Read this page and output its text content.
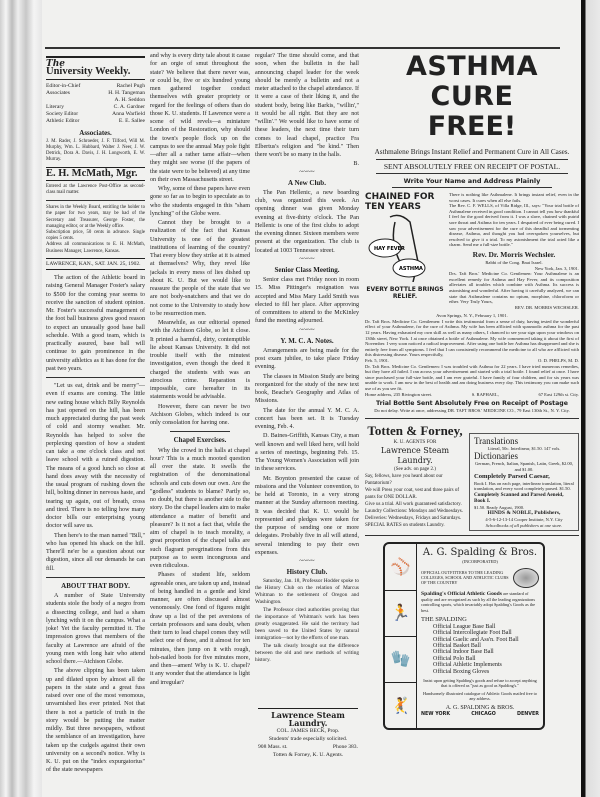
The
University Weekly.
Editor-in-Chief	Rachel Pugh
Associates	H. H. Tangeman
A. H. Seddon
Literary	C. A. Gardner
Society Editor	Anna Warfield
Athletic Editor	E. E. Sallee
Associates.
J. M. Rader, J. Schroeder, J. F. Tilford, Will M. Murphy, Wm. L. Hubbard, Walter J. Neer, J. W. Detrick, Dora A. Davis, J. H. Longworth, E. W. Murray.
E. H. McMath, Mgr.
Entered at the Lawrence Post-Office as second-class mail matter.
Shares in the Weekly Board, entitling the holder to the paper for two years, may be had of the Secretary and Treasurer, George Foster, the managing editor, or at the Weekly office.
Subscription price, 50 cents in advance. Single copies 5 cents.
Address all communications to E. H. McMath, Business Manager, Lawrence, Kansas.
LAWRENCE, KAN., SAT. JAN. 25, 1902.

The action of the Athletic board in raising General Manager Foster's salary to $500 for the coming year seems to receive the sanction of student opinion. Mr. Foster's successful management of the foot ball business gives good reason to expect an unusually good base ball schedule. With a good team, which is practically assured, base ball will continue to gain prominence in the university athletics as it has done for the past two years.

"Let us eat, drink and be merry"—even if exams are coming. The little new eating house which Billy Reynolds has just opened on the hill, has been much appreciated during the past week of cold and stormy weather. Mr. Reynolds has helped to solve the perplexing question of how a student can take a one o'clock class and not leave school with a ruined digestion. The means of a good lunch so close at hand does away with the necessity of the usual program of rushing down the hill, bolting dinner in nervous haste, and tearing up again, out of breath, cross and tired. There is no telling how many doctor bills our enterprising young doctor will save us.

Then here's to the man named "Bill," who has opened his shack on the hill. There'll ne'er be a question about our digestion, since all our demands he can fill.

ABOUT THAT BODY.

A number of State University students stole the body of a negro from a dissecting college, and had a sham lynching with it on the campus. What a joke! Yet the faculty permitted it. The impression grows that members of the faculty at Lawrence are afraid of the young men with long hair who attend school there.—Atchison Globe.

The above clipping has been taken up and dilated upon by almost all the papers in the state and a great fuss raised over one of the most venomous, unvarnished lies ever printed. Not that there is not a particle of truth in the story would be putting the matter mildly. But three newspapers, without the semblance of an investigation, have taken up the cudgels against their own university on a second's notice. Why is K. U. put on the "index expurgatorius" of the state newspapers

and why is every dirty tale about it cause for an orgie of smut throughout the state? We believe that there never was, or could be, five or six hundred young men gathered together conduct themselves with greater propriety or regard for the feelings of others than do those K. U. students. If Lawrence were a scene of wild revels—a miniature London of the Restoration, why should the town's people flock up on the campus to see the annual May pole fight—after all a rather tame affair—when they might see worse (if the papers of the state were to be believed) at any time on their own Massachusetts street.

Why, some of these papers have even gone so far as to begin to speculate as to who the students engaged in this "sham lynching" of the Globe were.

Cannot they be brought to a realization of the fact that Kansas University is one of the greatest institutions of learning of the country? That every blow they strike at it is aimed at themselves? Why, they revel like jackals in every mess of lies dished up about K. U. But we would like to reassure the people of the state that we are not body-snatchers and that we do not come to the University to study how to be resurrection men.

Meanwhile, as our editorial opened with the Atchison Globe, so let it close. It printed a harmful, dirty, contemptible lie about Kansas University. It did not trouble itself with the minutest investigation, even though the deed it charged the students with was an atrocious crime. Reparation is impossible, care hereafter in its statements would be advisable.

However, there can never be two Atchison Globes, which indeed is our only consolation for having one.

Chapel Exercises.

Why the crowd in the halls at chapel hour? This is a much mooted question all over the state. It swells the registration of the denominational schools and cuts down our own. Are the "godless" students to blame? Partly so, no doubt, but there is another side to the story. Do the chapel leaders aim to make attendance a matter of benefit and pleasure? Is it not a fact that, while the aim of chapel is to teach morality, a great proportion of the chapel talks are such flagrant peregrinations from this purpose as to seem incongruous and even ridiculous.

Phases of student life, seldom agreeable ones, are taken up and, instead of being handled in a gentle and kind manner, are often discussed almost venomously. One fond of figures might draw up a list of the pet aversions of certain professors and sans doubt, when their turn to lead chapel comes they will select one of these, and it almost for ten minutes, then jump on it with rough, hob-nailed boots for five minutes more, and then—amen! Why is K. U. chapel? it any wonder that the attendance is light and irregular?

regular? The time should come, and that soon, when the bulletin in the hall announcing chapel leader for the week should be merely a bulletin and not a meter attached to the chapel attendance. If it were a case of their liking it, and the student body, being like Barkis, "willin'," it would be all right. But they are not "willin'." We would like to have some of these leaders, the next time their turn comes to lead chapel, practice Fra Elbertus's religion and "be kind." Then there won't be so many in the halls.

B.
~~~~
A New Club.

The Pan Hellenic, a new boarding club, was organized this week. An opening dinner was given Monday evening at five-thirty o'clock. The Pan Hellenic is one of the first clubs to adopt the evening dinner. Sixteen members were present at the organization. The club is located at 1003 Tennessee street.

~~~~
Senior Class Meeting.

Senior class met Friday noon in room 15. Miss Pittinger's resignation was accepted and Miss Mary Ladd Smith was elected to fill her place. After approving of committees to attend to the McKinley fund the meeting adjourned.

~~~~
Y. M. C. A. Notes.

Arrangements are being made for the post exam jubilee, to take place Friday evening.

The classes in Mission Study are being reorganized for the study of the new text book, Beache's Geography and Atlas of Missions.

The date for the annual Y. M. C. A. concert has been set. It is Tuesday evening, Feb. 4.

D. Baines-Griffith, Kansas City, a man well known and well liked here, will hold a series of meetings, beginning Feb. 15. The Young Women's Association will join in these services.

Mr. Boynton presented the cause of missions and the Volunteer convention, to be held at Toronto, in a very strong manner at the Sunday afternoon meeting. It was decided that K. U. would be represented and pledges were taken for the purpose of sending one or more delegates. Probably five in all will attend, several intending to pay their own expenses.

~~~~
History Club.

Saturday, Jan. 18, Professor Hodder spoke to the History Club on the relation of Marcus Whitman to the settlement of Oregon and Washington.

The Professor cited authorities proving that the importance of Whitman's work has been greatly exaggerated. He said the territory had been saved to the United States by natural immigration—not by the efforts of one man.

The talk clearly brought out the difference between the old and new methods of writing history.

Lawrence Steam Laundry.
COL. JAMES BECK, Prop.
Students' trade especially solicited.
908 Mass. st.	Phone 383.
Totten & Forney, K. U. Agents.
ASTHMA CURE
FREE!
Asthmalene Brings Instant Relief and Permanent Cure in All Cases.
SENT ABSOLUTELY FREE ON RECEIPT OF POSTAL.
Write Your Name and Address Plainly
CHAINED FOR TEN YEARS
HAY FEVER
ASTHMA
EVERY BOTTLE BRINGS RELIEF.
There is nothing like Asthmalene. It brings instant relief, even in the worst cases. It cures when all else fails.
The Rev. C. F. WELLS, of Villa Ridge, Ill., says: "Your trial bottle of Asthmalene received in good condition. I cannot tell you how thankful I feel for the good derived from it. I was a slave, chained with putrid sore throat and Asthma for ten years. I despaired of ever being cured. I saw your advertisement for the cure of this dreadful and tormenting disease, Asthma, and thought you had overspoken yourselves, but resolved to give it a trial. To my astonishment the trial acted like a charm. Send me a full-size bottle."
Rev. Dr. Morris Wechsler.
Rabbi of the Cong. Bnai Israel.
New York, Jan. 3, 1901.
Drs. Taft Bros.' Medicine Co. Gentlemen: Your Asthmalene is an excellent remedy for Asthma and Hay Fever, and its composition alleviates all troubles which combine with Asthma. Its success is astonishing and wonderful. After having it carefully analyzed, we can state that Asthmalene contains no opium, morphine, chloroform or ether. Very Truly Yours,
REV. DR. MORRIS WECHSLER.
Avon Springs, N. Y., February 1, 1901.
Dr. Taft Bros. Medicine Co. Gentlemen: I write this testimonial from a sense of duty, having tested the wonderful effect of your Asthmalene, for the cure of Asthma. My wife has been afflicted with spasmodic asthma for the past 12 years. Having exhausted my own skill as well as many others, I chanced to see your sign upon your windows on 130th street, New York. I at once obtained a bottle of Asthmalene. My wife commenced taking it about the first of November. I very soon noticed a radical improvement. After using one bottle her Asthma has disappeared and she is entirely free from all symptoms. I feel that I can consistently recommend the medicine to all who are afflicted with this distressing disease. Yours respectfully,
Feb. 5, 1901.	O. D. PHELPS, M. D.
Dr. Taft Bros. Medicine Co. Gentlemen: I was troubled with Asthma for 22 years. I have tried numerous remedies, but they have all failed. I ran across your advertisement and started with a trial bottle. I found relief at once. I have since purchased your full-size bottle, and I am ever grateful. I have family of four children, and for six years was unable to work. I am now in the best of health and am doing business every day. This testimony you can make such use of as you see fit.
Home address, 235 Rivington street.	S. RAPHAEL,	67 East 129th st. City.
Trial Bottle Sent Absolutely Free on Receipt of Postage
Do not delay. Write at once, addressing DR. TAFT BROS.' MEDICINE CO., 79 East 130th St., N. Y. City.
Totten & Forney,
K. U. AGENTS FOR
Lawrence Steam Laundry.
(See adv. on page 2.)
Say, fellows, have you heard about our Pantatorium?
We will Press your coat, vest and three pairs of pants for ONE DOLLAR.
Give us a trial. All work guaranteed satisfactory.
Laundry Collections: Mondays and Wednesdays.
Deliveries: Wednesdays, Fridays and Saturdays.
SPECIAL RATES on students Laundry.
Translations
Literal, 50c. Interlinear, $1.50. 147 vols.
Dictionaries
German, French, Italian, Spanish, Latin, Greek, $2.00, and $1.00.
Completely Parsed Caesar,
Book I. Has on each page, interlinear translation, literal translation, and every word completely parsed. $1.50.
Completely Scanned and Parsed Aeneid, Book I.
$1.50. Ready August, 1900.
HINDS & NOBLE, Publishers,
4-5-6-12-13-14 Cooper Institute, N.Y. City
Schoolbooks of all publishers at one store.
⚾
🏃
🧤
🤾
A. G. Spalding & Bros.
(INCORPORATED)
OFFICIAL OUTFITTERS TO THE LEADING COLLEGES, SCHOOL AND ATHLETIC CLUBS OF THE COUNTRY
Spalding's Official Athletic Goods are standard of quality and are recognized as such by all the leading organizations controlling sports, which invariably adopt Spalding's Goods as the best.
THE SPALDING
Official League Base Ball
Official Intercollegiate Foot Ball
Official Gaelic and Ass'n. Foot Ball
Official Basket Ball
Official Indoor Base Ball
Official Polo Ball
Official Athletic Implements
Official Boxing Gloves
Insist upon getting Spalding's goods and refuse to accept anything that is offered as "just as good as Spalding's."
Handsomely illustrated catalogue of Athletic Goods mailed free to any address.
A. G. SPALDING & BROS.
NEW YORK	CHICAGO	DENVER
